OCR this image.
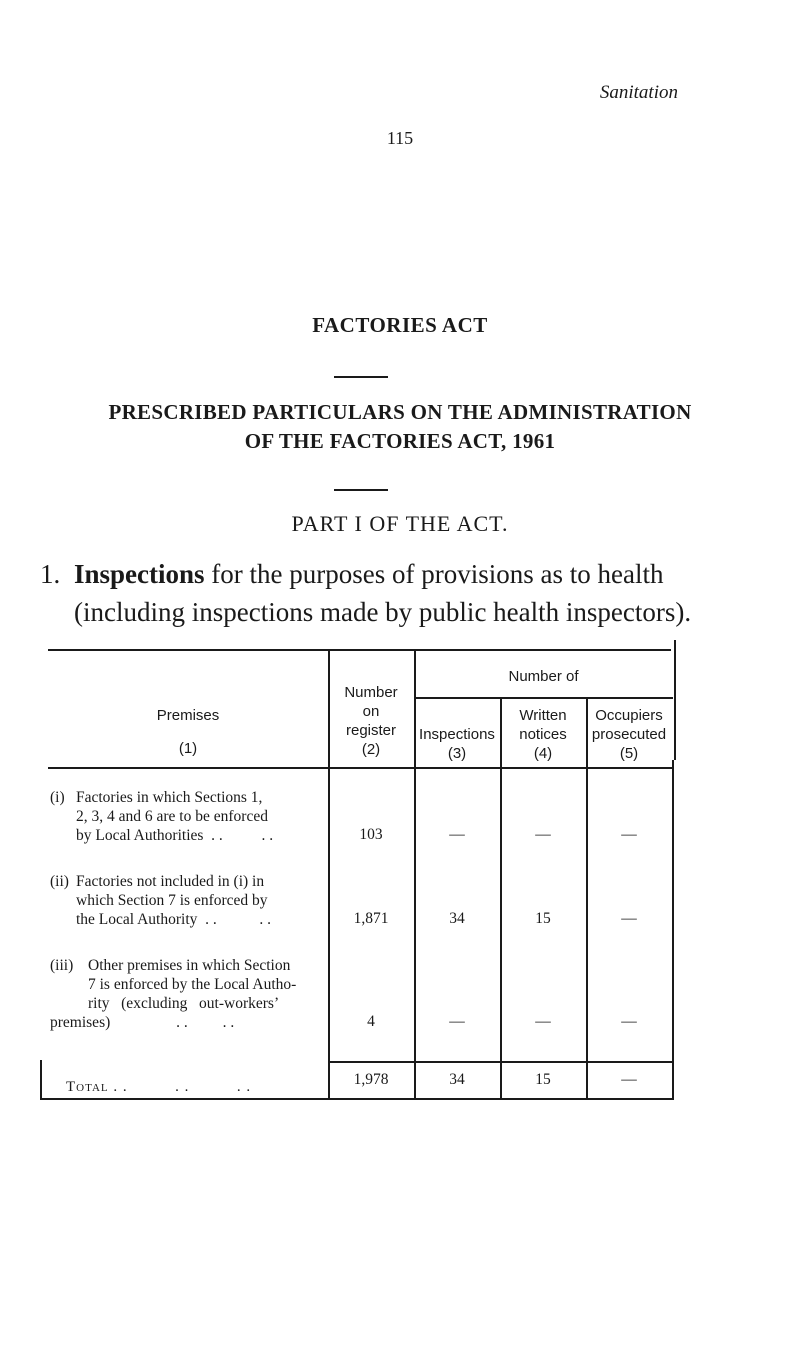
Sanitation
115
FACTORIES ACT
PRESCRIBED PARTICULARS ON THE ADMINISTRATION
OF THE FACTORIES ACT, 1961
PART I OF THE ACT.
1. Inspections for the purposes of provisions as to health
(including inspections made by public health inspectors).
Premises
(1)
Number
on
register
(2)
Number of
Inspections
(3)
Written
notices
(4)
Occupiers
prosecuted
(5)
(i) Factories in which Sections 1,
2, 3, 4 and 6 are to be enforced
by Local Authorities  . .          . .	103	—	—	—
(ii) Factories not included in (i) in
which Section 7 is enforced by
the Local Authority  . .           . .	1,871	34	15	—
(iii) Other premises in which Section
7 is enforced by the Local Autho-
rity   (excluding   out-workers’
premises)                 . .         . .	4	—	—	—
Total . .          . .          . .	1,978	34	15	—
